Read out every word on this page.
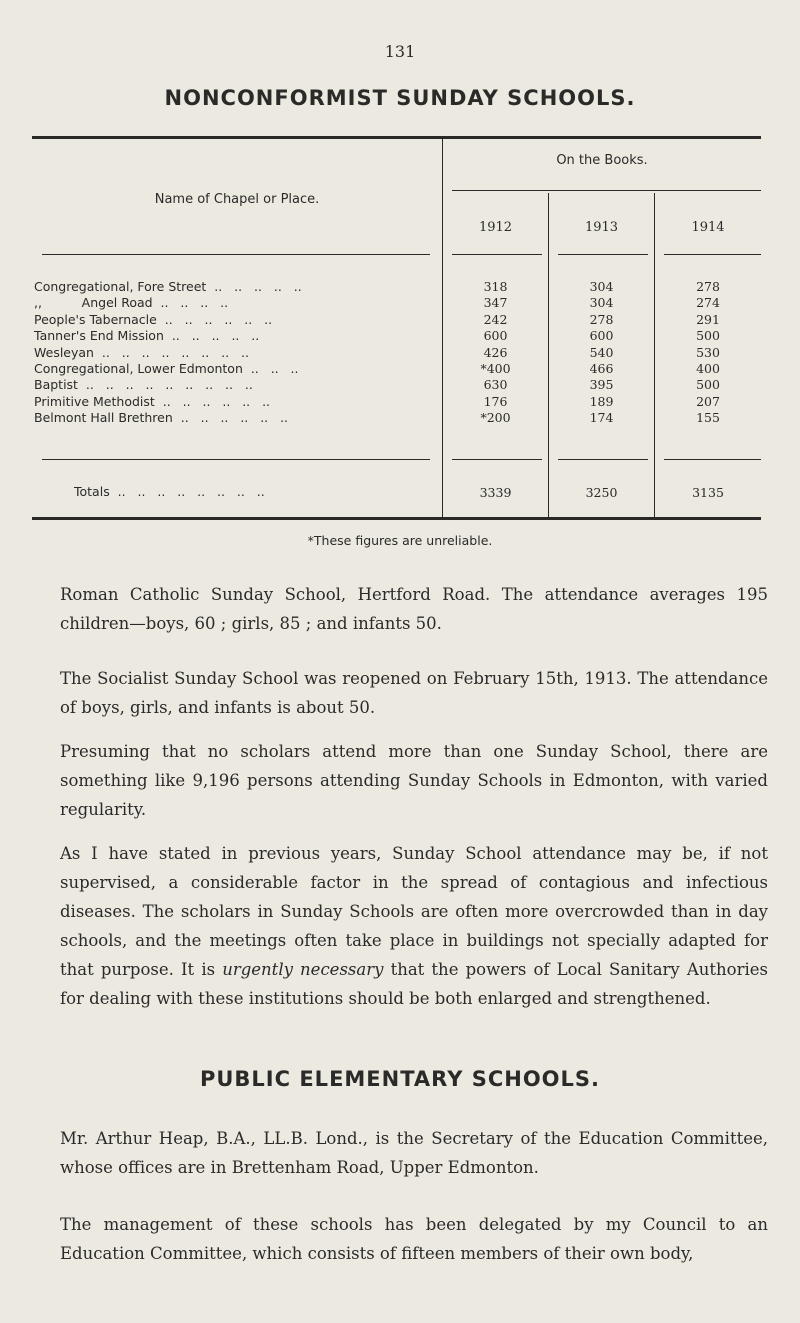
131
NONCONFORMIST SUNDAY SCHOOLS.
Name of Chapel or Place.
On the Books.
1912	1913	1914
Congregational, Fore Street  ..   ..   ..   ..   ..	318	304	278
,,          Angel Road  ..   ..   ..   ..	347	304	274
People's Tabernacle  ..   ..   ..   ..   ..   ..	242	278	291
Tanner's End Mission  ..   ..   ..   ..   ..	600	600	500
Wesleyan  ..   ..   ..   ..   ..   ..   ..   ..	426	540	530
Congregational, Lower Edmonton  ..   ..   ..	*400	466	400
Baptist  ..   ..   ..   ..   ..   ..   ..   ..   ..	630	395	500
Primitive Methodist  ..   ..   ..   ..   ..   ..	176	189	207
Belmont Hall Brethren  ..   ..   ..   ..   ..   ..	*200	174	155
Totals  ..   ..   ..   ..   ..   ..   ..   ..	3339	3250	3135
*These figures are unreliable.
Roman Catholic Sunday School, Hertford Road. The attendance averages 195 children—boys, 60 ; girls, 85 ; and infants 50.
The Socialist Sunday School was reopened on February 15th, 1913. The attendance of boys, girls, and infants is about 50.
Presuming that no scholars attend more than one Sunday School, there are something like 9,196 persons attending Sunday Schools in Edmonton, with varied regularity.
As I have stated in previous years, Sunday School attendance may be, if not supervised, a considerable factor in the spread of contagious and infectious diseases. The scholars in Sunday Schools are often more overcrowded than in day schools, and the meetings often take place in buildings not specially adapted for that purpose. It is urgently necessary that the powers of Local Sanitary Authories for dealing with these institutions should be both enlarged and strengthened.
PUBLIC ELEMENTARY SCHOOLS.
Mr. Arthur Heap, B.A., LL.B. Lond., is the Secretary of the Education Committee, whose offices are in Brettenham Road, Upper Edmonton.
The management of these schools has been delegated by my Council to an Education Committee, which consists of fifteen members of their own body,
